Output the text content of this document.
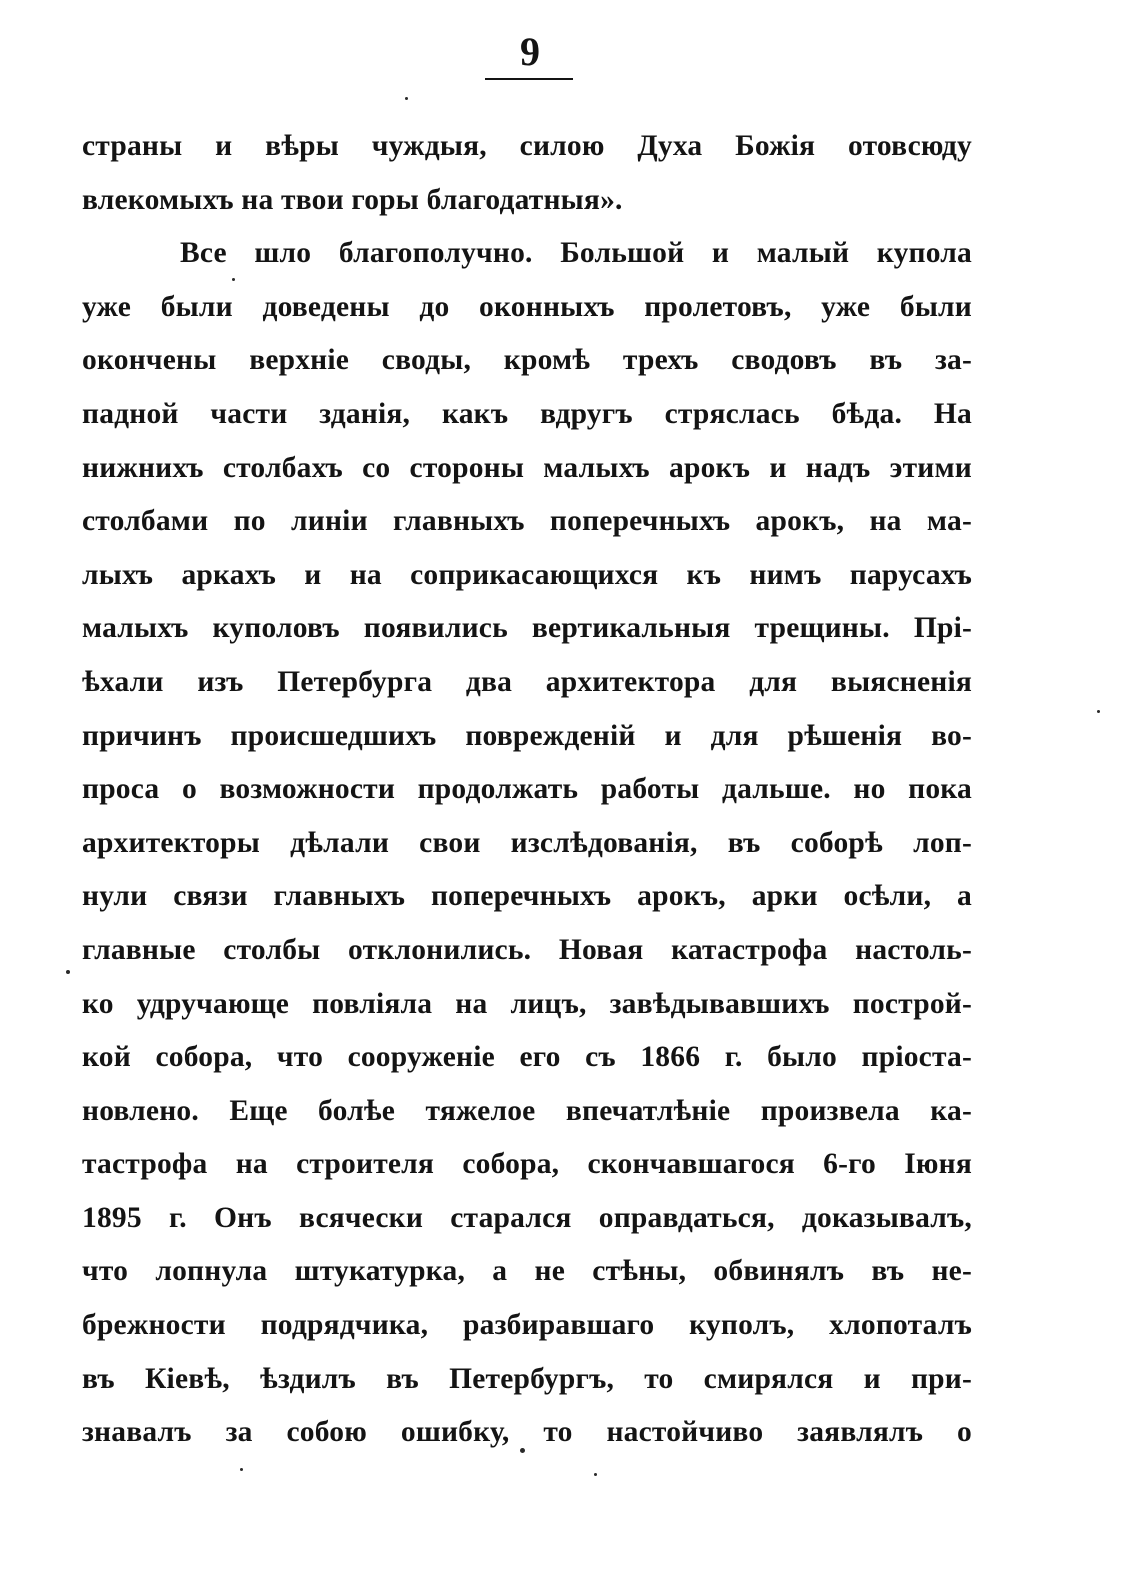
9
страны и вѣры чуждыя, силою Духа Божія отовсюду
влекомыхъ на твои горы благодатныя».
Все шло благополучно. Большой и малый купола
уже были доведены до оконныхъ пролетовъ, уже были
окончены верхніе своды, кромѣ трехъ сводовъ въ за-
падной части зданія, какъ вдругъ стряслась бѣда. На
нижнихъ столбахъ со стороны малыхъ арокъ и надъ этими
столбами по линіи главныхъ поперечныхъ арокъ, на ма-
лыхъ аркахъ и на соприкасающихся къ нимъ парусахъ
малыхъ куполовъ появились вертикальныя трещины. Прі-
ѣхали изъ Петербурга два архитектора для выясненія
причинъ происшедшихъ поврежденій и для рѣшенія во-
проса о возможности продолжать работы дальше. но пока
архитекторы дѣлали свои изслѣдованія, въ соборѣ лоп-
нули связи главныхъ поперечныхъ арокъ, арки осѣли, а
главные столбы отклонились. Новая катастрофа настоль-
ко удручающе повліяла на лицъ, завѣдывавшихъ построй-
кой собора, что сооруженіе его съ 1866 г. было пріоста-
новлено. Еще болѣе тяжелое впечатлѣніе произвела ка-
тастрофа на строителя собора, скончавшагося 6-го Іюня
1895 г. Онъ всячески старался оправдаться, доказывалъ,
что лопнула штукатурка, а не стѣны, обвинялъ въ не-
брежности подрядчика, разбиравшаго куполъ, хлопоталъ
въ Кіевѣ, ѣздилъ въ Петербургъ, то смирялся и при-
знавалъ за собою ошибку, то настойчиво заявлялъ о
